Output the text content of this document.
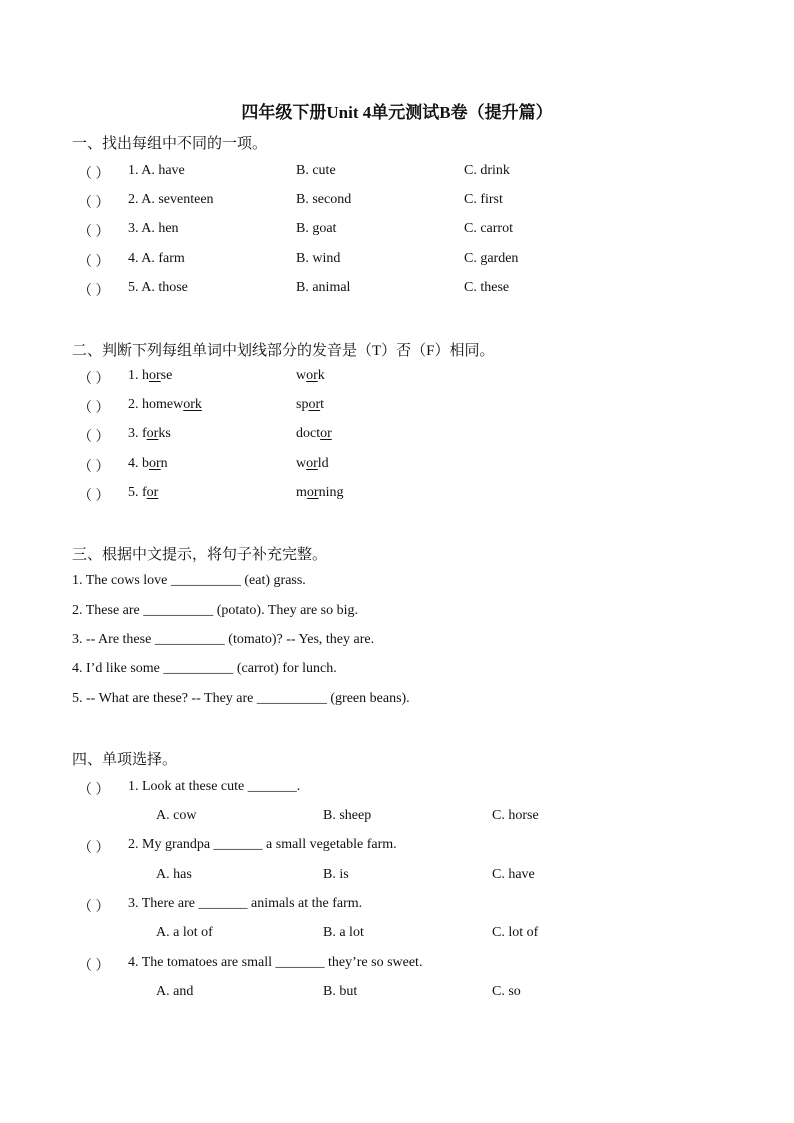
四年级下册Unit 4单元测试B卷（提升篇）
一、找出每组中不同的一项。
（ ） 1. A. have	B. cute	C. drink
（ ） 2. A. seventeen	B. second	C. first
（ ） 3. A. hen	B. goat	C. carrot
（ ） 4. A. farm	B. wind	C. garden
（ ） 5. A. those	B. animal	C. these
二、判断下列每组单词中划线部分的发音是（T）否（F）相同。
（ ） 1. horse	work
（ ） 2. homework	sport
（ ） 3. forks	doctor
（ ） 4. born	world
（ ） 5. for	morning
三、根据中文提示，将句子补充完整。
1. The cows love __________ (eat) grass.
2. These are __________ (potato). They are so big.
3. -- Are these __________ (tomato)? -- Yes, they are.
4. I’d like some __________ (carrot) for lunch.
5. -- What are these? -- They are __________ (green beans).
四、单项选择。
（ ） 1. Look at these cute _______.
A. cow	B. sheep	C. horse
（ ） 2. My grandpa _______ a small vegetable farm.
A. has	B. is	C. have
（ ） 3. There are _______ animals at the farm.
A. a lot of	B. a lot	C. lot of
（ ） 4. The tomatoes are small _______ they’re so sweet.
A. and	B. but	C. so
